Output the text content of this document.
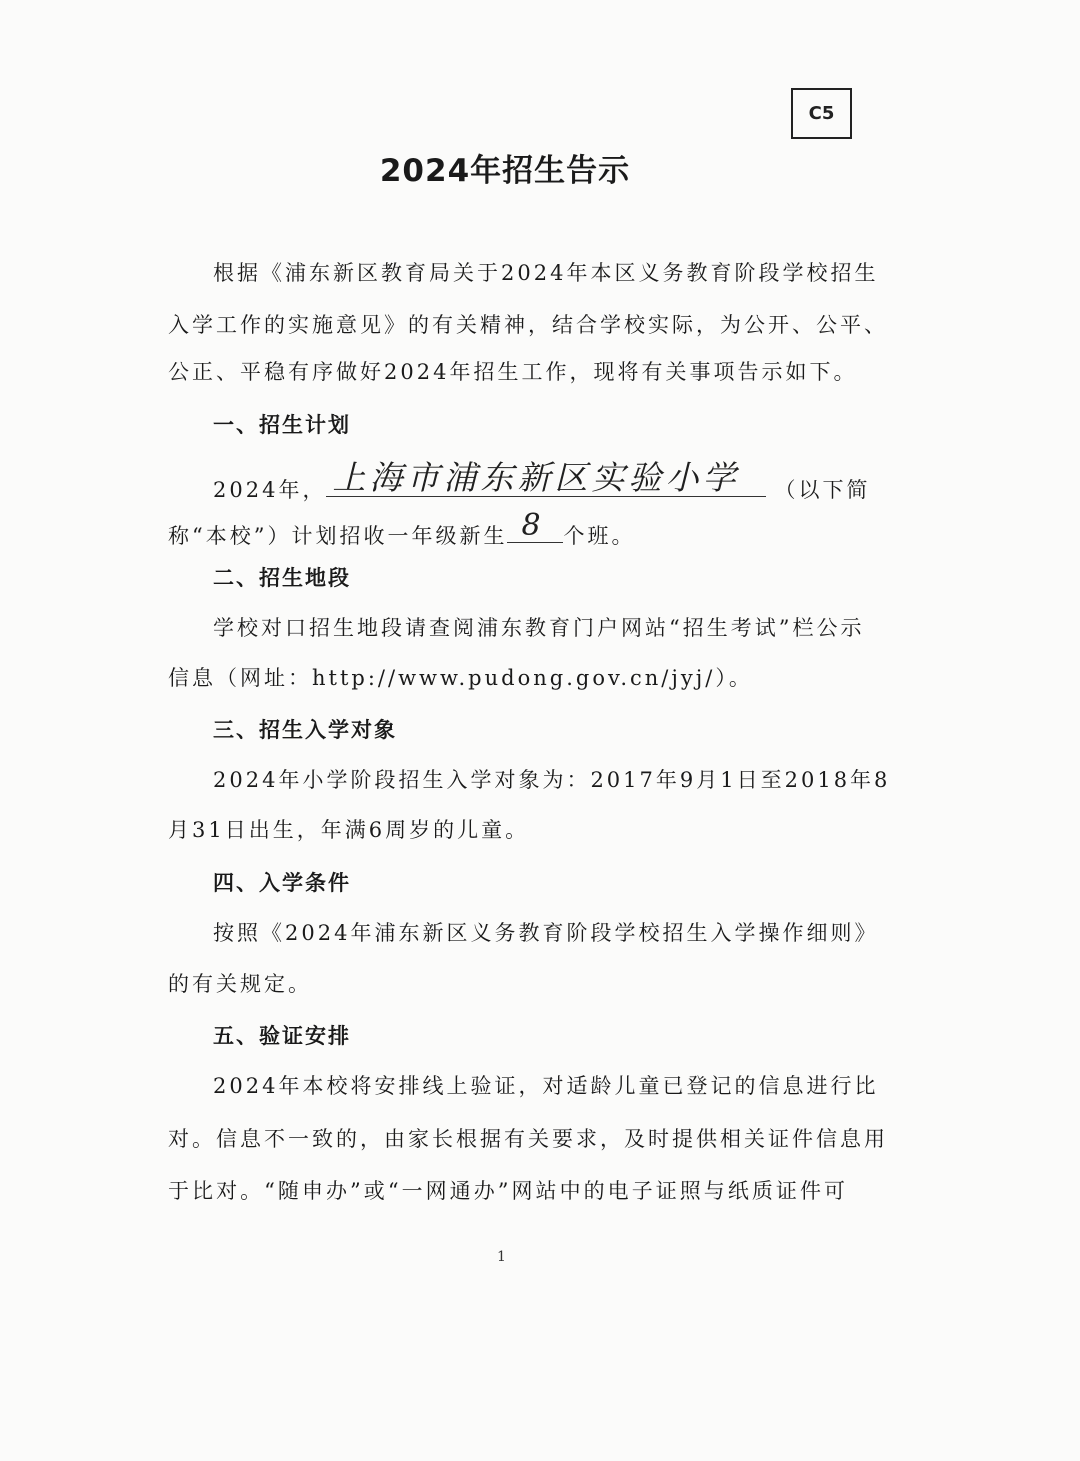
C5
2024年招生告示
根据《浦东新区教育局关于2024年本区义务教育阶段学校招生
入学工作的实施意见》的有关精神，结合学校实际，为公开、公平、
公正、平稳有序做好2024年招生工作，现将有关事项告示如下。
一、招生计划
2024年， 上海市浦东新区实验小学 （以下简
称“本校”）计划招收一年级新生 8 个班。
二、招生地段
学校对口招生地段请查阅浦东教育门户网站“招生考试”栏公示
信息（网址：http://www.pudong.gov.cn/jyj/）。
三、招生入学对象
2024年小学阶段招生入学对象为：2017年9月1日至2018年8
月31日出生，年满6周岁的儿童。
四、入学条件
按照《2024年浦东新区义务教育阶段学校招生入学操作细则》
的有关规定。
五、验证安排
2024年本校将安排线上验证，对适龄儿童已登记的信息进行比
对。信息不一致的，由家长根据有关要求，及时提供相关证件信息用
于比对。“随申办”或“一网通办”网站中的电子证照与纸质证件可
1
